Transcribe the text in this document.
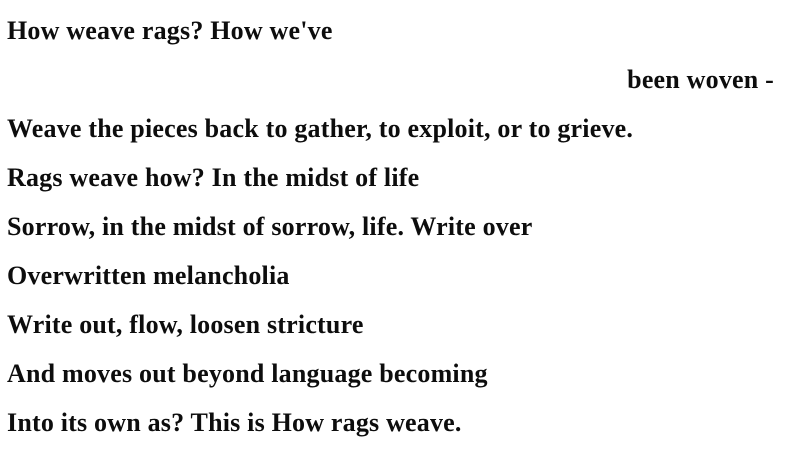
How weave rags? How we've

been woven -

Weave the pieces back to gather, to exploit, or to grieve.

Rags weave how? In the midst of life

Sorrow, in the midst of sorrow, life. Write over

Overwritten melancholia

Write out, flow, loosen stricture

And moves out beyond language becoming

Into its own as? This is How rags weave.
